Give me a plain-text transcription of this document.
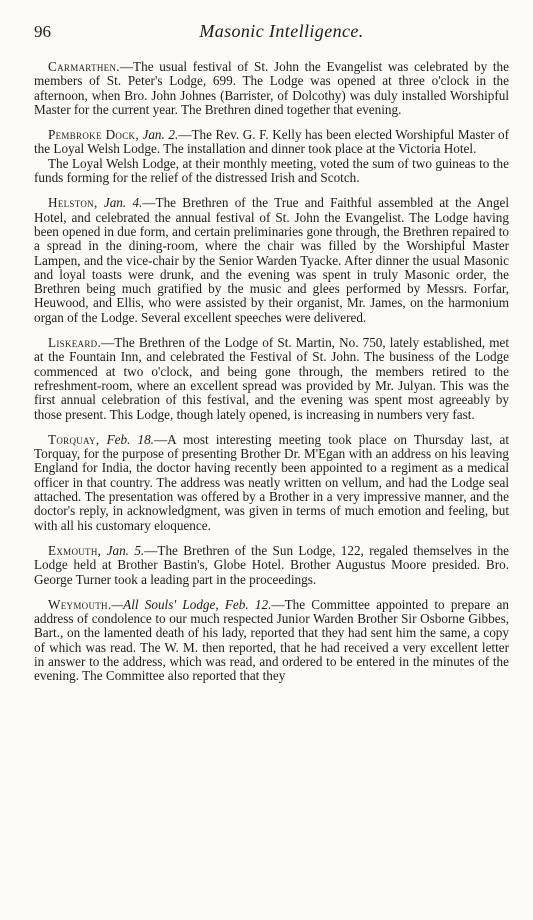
96	Masonic Intelligence.

Carmarthen.—The usual festival of St. John the Evangelist was celebrated by the members of St. Peter's Lodge, 699. The Lodge was opened at three o'clock in the afternoon, when Bro. John Johnes (Barrister, of Dolcothy) was duly installed Worshipful Master for the current year. The Brethren dined together that evening.

Pembroke Dock, Jan. 2.—The Rev. G. F. Kelly has been elected Worshipful Master of the Loyal Welsh Lodge. The installation and dinner took place at the Victoria Hotel.

The Loyal Welsh Lodge, at their monthly meeting, voted the sum of two guineas to the funds forming for the relief of the distressed Irish and Scotch.

Helston, Jan. 4.—The Brethren of the True and Faithful assembled at the Angel Hotel, and celebrated the annual festival of St. John the Evangelist. The Lodge having been opened in due form, and certain preliminaries gone through, the Brethren repaired to a spread in the dining-room, where the chair was filled by the Worshipful Master Lampen, and the vice-chair by the Senior Warden Tyacke. After dinner the usual Masonic and loyal toasts were drunk, and the evening was spent in truly Masonic order, the Brethren being much gratified by the music and glees performed by Messrs. Forfar, Heuwood, and Ellis, who were assisted by their organist, Mr. James, on the harmonium organ of the Lodge. Several excellent speeches were delivered.

Liskeard.—The Brethren of the Lodge of St. Martin, No. 750, lately established, met at the Fountain Inn, and celebrated the Festival of St. John. The business of the Lodge commenced at two o'clock, and being gone through, the members retired to the refreshment-room, where an excellent spread was provided by Mr. Julyan. This was the first annual celebration of this festival, and the evening was spent most agreeably by those present. This Lodge, though lately opened, is increasing in numbers very fast.

Torquay, Feb. 18.—A most interesting meeting took place on Thursday last, at Torquay, for the purpose of presenting Brother Dr. M'Egan with an address on his leaving England for India, the doctor having recently been appointed to a regiment as a medical officer in that country. The address was neatly written on vellum, and had the Lodge seal attached. The presentation was offered by a Brother in a very impressive manner, and the doctor's reply, in acknowledgment, was given in terms of much emotion and feeling, but with all his customary eloquence.

Exmouth, Jan. 5.—The Brethren of the Sun Lodge, 122, regaled themselves in the Lodge held at Brother Bastin's, Globe Hotel. Brother Augustus Moore presided. Bro. George Turner took a leading part in the proceedings.

Weymouth.—All Souls' Lodge, Feb. 12.—The Committee appointed to prepare an address of condolence to our much respected Junior Warden Brother Sir Osborne Gibbes, Bart., on the lamented death of his lady, reported that they had sent him the same, a copy of which was read. The W. M. then reported, that he had received a very excellent letter in answer to the address, which was read, and ordered to be entered in the minutes of the evening. The Committee also reported that they
